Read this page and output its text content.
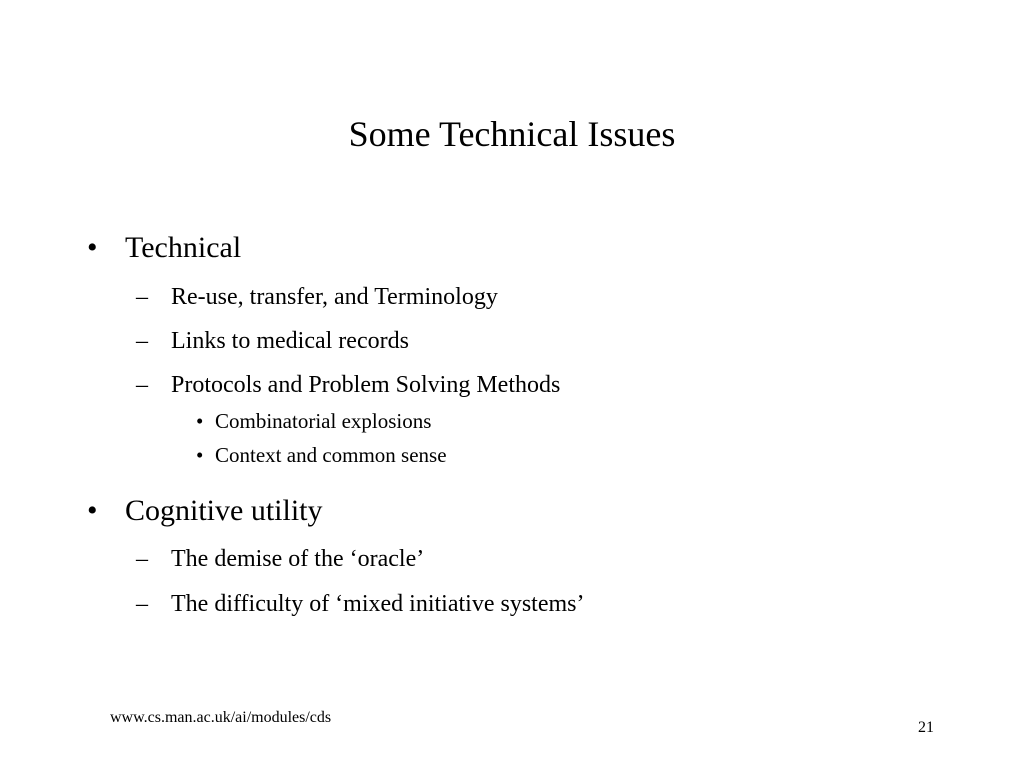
Some Technical Issues
• Technical
– Re-use, transfer, and Terminology
– Links to medical records
– Protocols and Problem Solving Methods
• Combinatorial explosions
• Context and common sense
• Cognitive utility
– The demise of the ‘oracle’
– The difficulty of ‘mixed initiative systems’
www.cs.man.ac.uk/ai/modules/cds
21
